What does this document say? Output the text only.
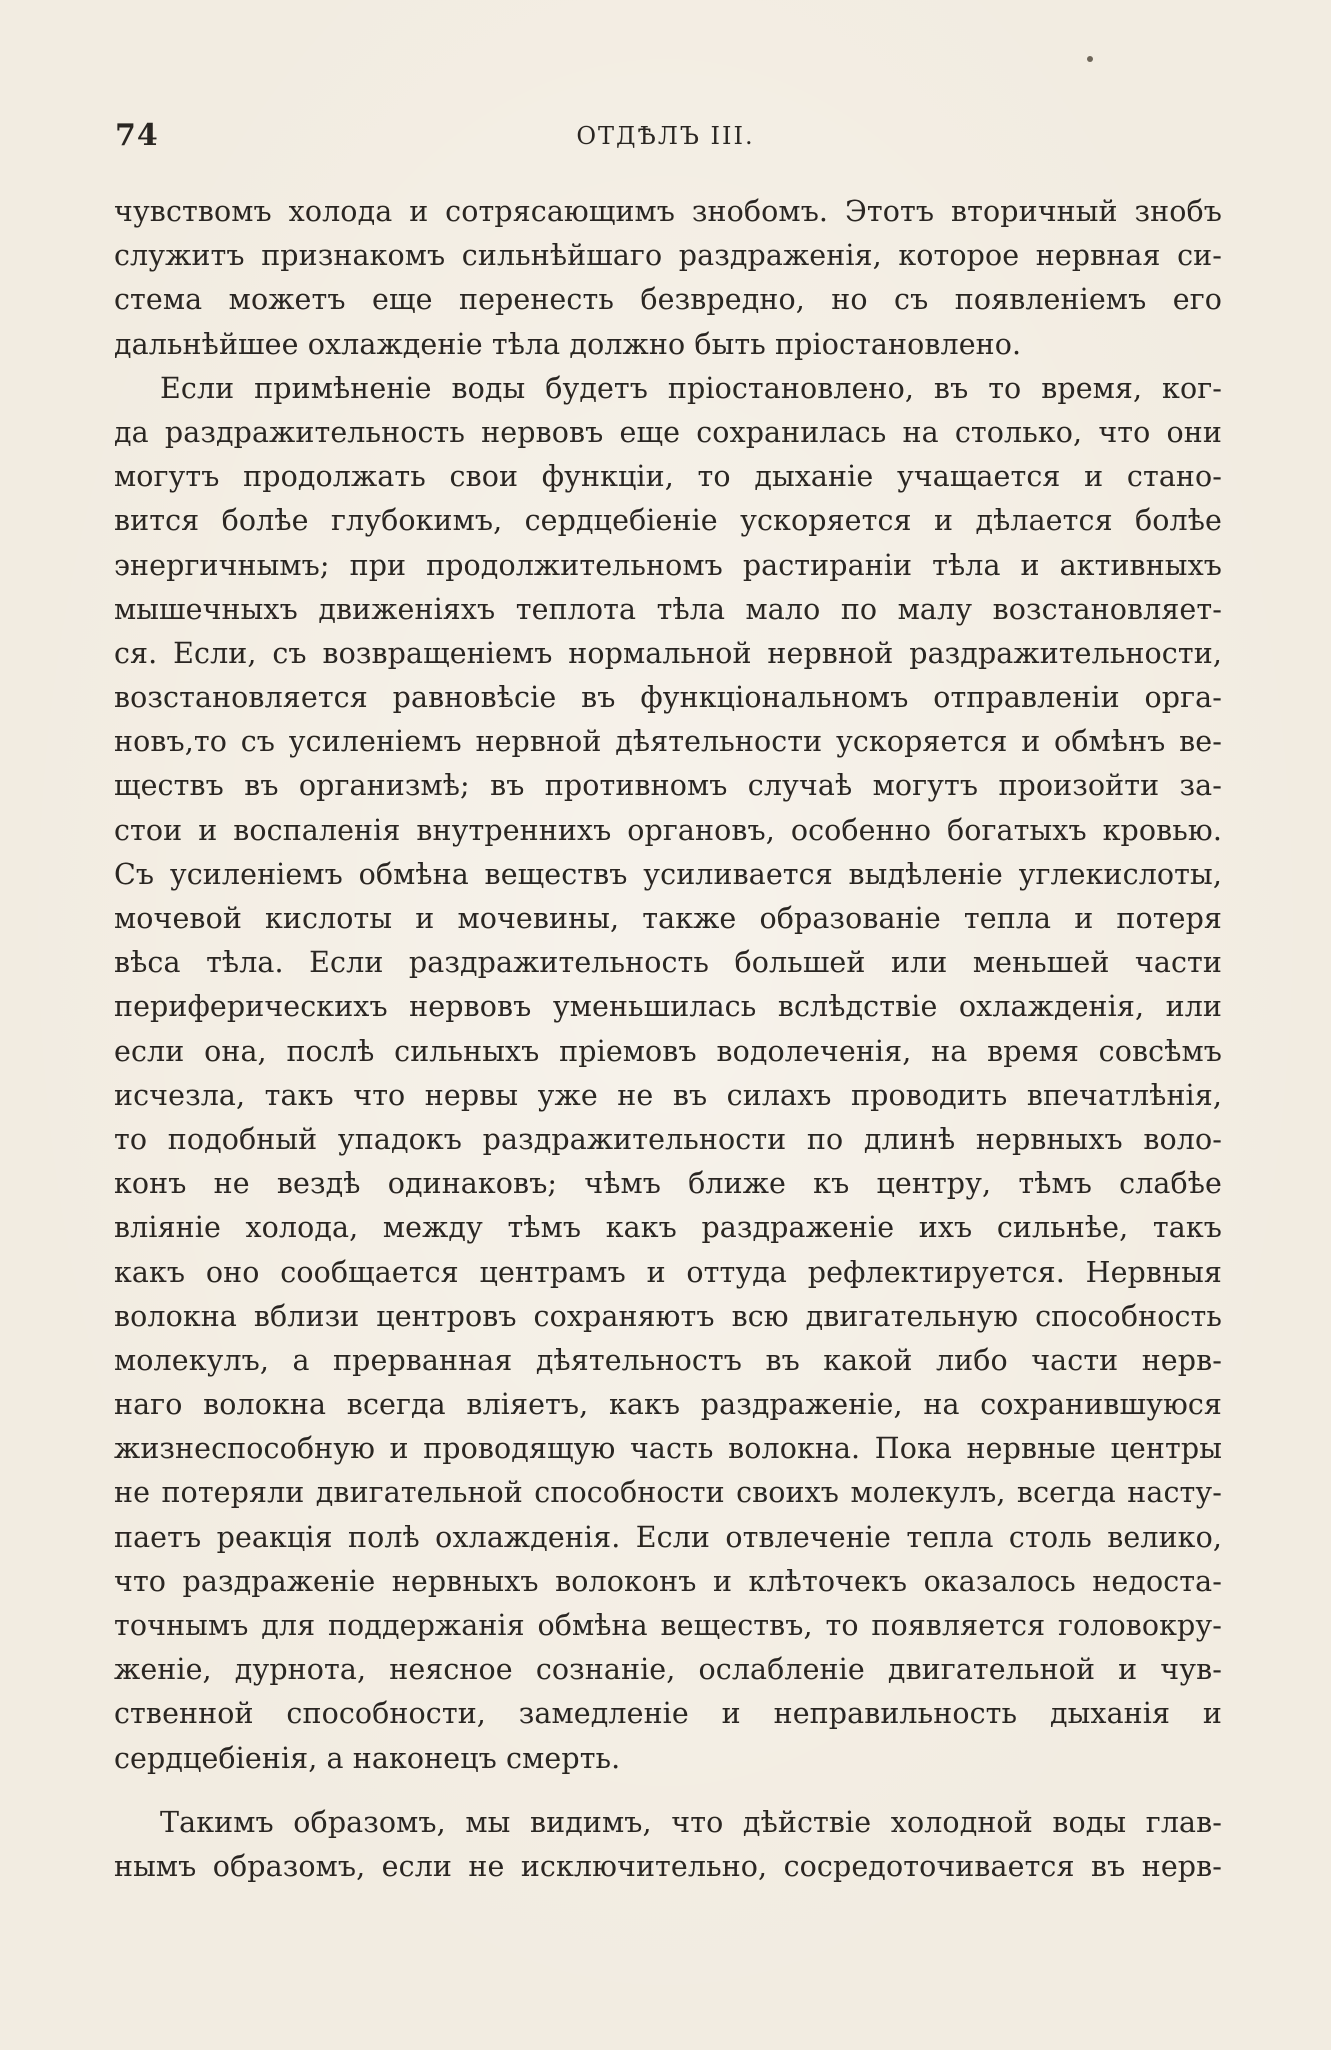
74	ОТДѢЛЪ III.
чувствомъ холода и сотрясающимъ знобомъ. Этотъ вторичный знобъ
служитъ признакомъ сильнѣйшаго раздраженія, которое нервная си-
стема можетъ еще перенесть безвредно, но съ появленіемъ его
дальнѣйшее охлажденіе тѣла должно быть пріостановлено.
Если примѣненіе воды будетъ пріостановлено, въ то время, ког-
да раздражительность нервовъ еще сохранилась на столько, что они
могутъ продолжать свои функціи, то дыханіе учащается и стано-
вится болѣе глубокимъ, сердцебіеніе ускоряется и дѣлается болѣе
энергичнымъ; при продолжительномъ растираніи тѣла и активныхъ
мышечныхъ движеніяхъ теплота тѣла мало по малу возстановляет-
ся. Если, съ возвращеніемъ нормальной нервной раздражительности,
возстановляется равновѣсіе въ функціональномъ отправленіи орга-
новъ,то съ усиленіемъ нервной дѣятельности ускоряется и обмѣнъ ве-
ществъ въ организмѣ; въ противномъ случаѣ могутъ произойти за-
стои и воспаленія внутреннихъ органовъ, особенно богатыхъ кровью.
Съ усиленіемъ обмѣна веществъ усиливается выдѣленіе углекислоты,
мочевой кислоты и мочевины, также образованіе тепла и потеря
вѣса тѣла. Если раздражительность большей или меньшей части
периферическихъ нервовъ уменьшилась вслѣдствіе охлажденія, или
если она, послѣ сильныхъ пріемовъ водолеченія, на время совсѣмъ
исчезла, такъ что нервы уже не въ силахъ проводить впечатлѣнія,
то подобный упадокъ раздражительности по длинѣ нервныхъ воло-
конъ не вездѣ одинаковъ; чѣмъ ближе къ центру, тѣмъ слабѣе
вліяніе холода, между тѣмъ какъ раздраженіе ихъ сильнѣе, такъ
какъ оно сообщается центрамъ и оттуда рефлектируется. Нервныя
волокна вблизи центровъ сохраняютъ всю двигательную способность
молекулъ, а прерванная дѣятельностъ въ какой либо части нерв-
наго волокна всегда вліяетъ, какъ раздраженіе, на сохранившуюся
жизнеспособную и проводящую часть волокна. Пока нервные центры
не потеряли двигательной способности своихъ молекулъ, всегда насту-
паетъ реакція полѣ охлажденія. Если отвлеченіе тепла столь велико,
что раздраженіе нервныхъ волоконъ и клѣточекъ оказалось недоста-
точнымъ для поддержанія обмѣна веществъ, то появляется головокру-
женіе, дурнота, неясное сознаніе, ослабленіе двигательной и чув-
ственной способности, замедленіе и неправильность дыханія и
сердцебіенія, а наконецъ смерть.
Такимъ образомъ, мы видимъ, что дѣйствіе холодной воды глав-
нымъ образомъ, если не исключительно, сосредоточивается въ нерв-
